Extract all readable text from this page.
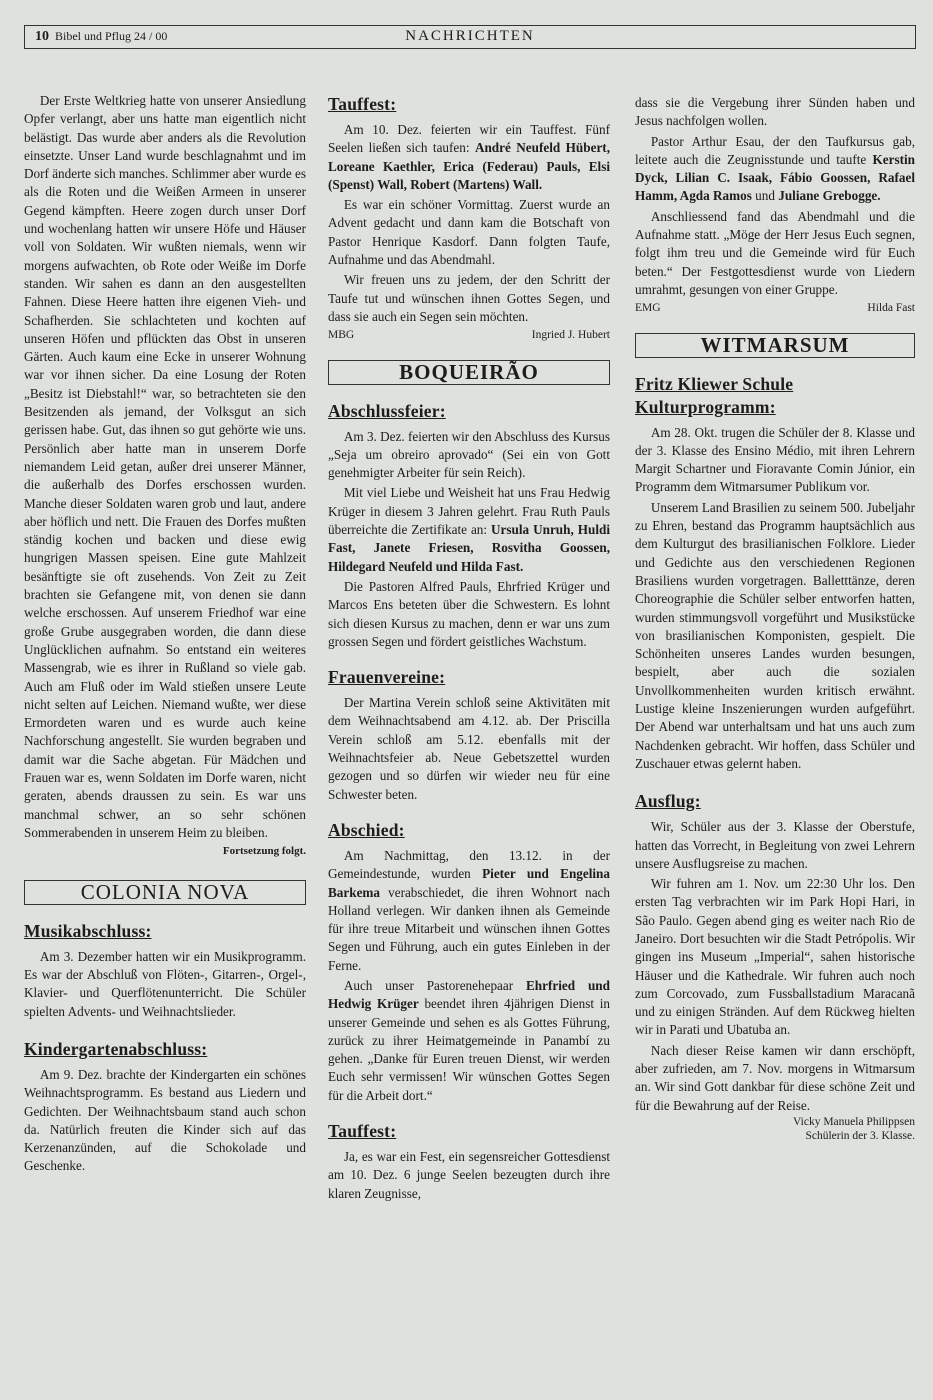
10 Bibel und Pflug 24 / 00	NACHRICHTEN

Der Erste Weltkrieg hatte von unserer Ansiedlung Opfer verlangt, aber uns hatte man eigentlich nicht belästigt. Das wurde aber anders als die Revolution einsetzte. Unser Land wurde beschlagnahmt und im Dorf änderte sich manches. Schlimmer aber wurde es als die Roten und die Weißen Armeen in unserer Gegend kämpften. Heere zogen durch unser Dorf und wochenlang hatten wir unsere Höfe und Häuser voll von Soldaten. Wir wußten niemals, wenn wir morgens aufwachten, ob Rote oder Weiße im Dorfe standen. Wir sahen es dann an den ausgestellten Fahnen. Diese Heere hatten ihre eigenen Vieh- und Schafherden. Sie schlachteten und kochten auf unseren Höfen und pflückten das Obst in unseren Gärten. Auch kaum eine Ecke in unserer Wohnung war vor ihnen sicher. Da eine Losung der Roten „Besitz ist Diebstahl!“ war, so betrachteten sie den Besitzenden als jemand, der Volksgut an sich gerissen habe. Gut, das ihnen so gut gehörte wie uns. Persönlich aber hatte man in unserem Dorfe niemandem Leid getan, außer drei unserer Männer, die außerhalb des Dorfes erschossen wurden. Manche dieser Soldaten waren grob und laut, andere aber höflich und nett. Die Frauen des Dorfes mußten ständig kochen und backen und diese ewig hungrigen Massen speisen. Eine gute Mahlzeit besänftigte sie oft zusehends. Von Zeit zu Zeit brachten sie Gefangene mit, von denen sie dann welche erschossen. Auf unserem Friedhof war eine große Grube ausgegraben worden, die dann diese Unglücklichen aufnahm. So entstand ein weiteres Massengrab, wie es ihrer in Rußland so viele gab. Auch am Fluß oder im Wald stießen unsere Leute nicht selten auf Leichen. Niemand wußte, wer diese Ermordeten waren und es wurde auch keine Nachforschung angestellt. Sie wurden begraben und damit war die Sache abgetan. Für Mädchen und Frauen war es, wenn Soldaten im Dorfe waren, nicht geraten, abends draussen zu sein. Es war uns manchmal schwer, an so sehr schönen Sommerabenden in unserem Heim zu bleiben.
Fortsetzung folgt.

COLONIA NOVA
Musikabschluss:

Am 3. Dezember hatten wir ein Musikprogramm. Es war der Abschluß von Flöten-, Gitarren-, Orgel-, Klavier- und Querflötenunterricht. Die Schüler spielten Advents- und Weihnachtslieder.

Kindergartenabschluss:

Am 9. Dez. brachte der Kindergarten ein schönes Weihnachtsprogramm. Es bestand aus Liedern und Gedichten. Der Weihnachtsbaum stand auch schon da. Natürlich freuten die Kinder sich auf das Kerzenanzünden, auf die Schokolade und Geschenke.

Tauffest:

Am 10. Dez. feierten wir ein Tauffest. Fünf Seelen ließen sich taufen: André Neufeld Hübert, Loreane Kaethler, Erica (Federau) Pauls, Elsi (Spenst) Wall, Robert (Martens) Wall.

Es war ein schöner Vormittag. Zuerst wurde an Advent gedacht und dann kam die Botschaft von Pastor Henrique Kasdorf. Dann folgten Taufe, Aufnahme und das Abendmahl.

Wir freuen uns zu jedem, der den Schritt der Taufe tut und wünschen ihnen Gottes Segen, und dass sie auch ein Segen sein möchten.

MBG	Ingried J. Hubert
BOQUEIRÃO
Abschlussfeier:

Am 3. Dez. feierten wir den Abschluss des Kursus „Seja um obreiro aprovado“ (Sei ein von Gott genehmigter Arbeiter für sein Reich).

Mit viel Liebe und Weisheit hat uns Frau Hedwig Krüger in diesem 3 Jahren gelehrt. Frau Ruth Pauls überreichte die Zertifikate an: Ursula Unruh, Huldi Fast, Janete Friesen, Rosvitha Goossen, Hildegard Neufeld und Hilda Fast.

Die Pastoren Alfred Pauls, Ehrfried Krüger und Marcos Ens beteten über die Schwestern. Es lohnt sich diesen Kursus zu machen, denn er war uns zum grossen Segen und fördert geistliches Wachstum.

Frauenvereine:

Der Martina Verein schloß seine Aktivitäten mit dem Weihnachtsabend am 4.12. ab. Der Priscilla Verein schloß am 5.12. ebenfalls mit der Weihnachtsfeier ab. Neue Gebetszettel wurden gezogen und so dürfen wir wieder neu für eine Schwester beten.

Abschied:

Am Nachmittag, den 13.12. in der Gemeindestunde, wurden Pieter und Engelina Barkema verabschiedet, die ihren Wohnort nach Holland verlegen. Wir danken ihnen als Gemeinde für ihre treue Mitarbeit und wünschen ihnen Gottes Segen und Führung, auch ein gutes Einleben in der Ferne.

Auch unser Pastorenehepaar Ehrfried und Hedwig Krüger beendet ihren 4jährigen Dienst in unserer Gemeinde und sehen es als Gottes Führung, zurück zu ihrer Heimatgemeinde in Panambí zu gehen. „Danke für Euren treuen Dienst, wir werden Euch sehr vermissen! Wir wünschen Gottes Segen für die Arbeit dort.“

Tauffest:

Ja, es war ein Fest, ein segensreicher Gottesdienst am 10. Dez. 6 junge Seelen bezeugten durch ihre klaren Zeugnisse,

dass sie die Vergebung ihrer Sünden haben und Jesus nachfolgen wollen.

Pastor Arthur Esau, der den Taufkursus gab, leitete auch die Zeugnisstunde und taufte Kerstin Dyck, Lilian C. Isaak, Fábio Goossen, Rafael Hamm, Agda Ramos und Juliane Grebogge.

Anschliessend fand das Abendmahl und die Aufnahme statt. „Möge der Herr Jesus Euch segnen, folgt ihm treu und die Gemeinde wird für Euch beten.“ Der Festgottesdienst wurde von Liedern umrahmt, gesungen von einer Gruppe.

EMG	Hilda Fast
WITMARSUM
Fritz Kliewer Schule
Kulturprogramm:

Am 28. Okt. trugen die Schüler der 8. Klasse und der 3. Klasse des Ensino Médio, mit ihren Lehrern Margit Schartner und Fioravante Comin Júnior, ein Programm dem Witmarsumer Publikum vor.

Unserem Land Brasilien zu seinem 500. Jubeljahr zu Ehren, bestand das Programm hauptsächlich aus dem Kulturgut des brasilianischen Folklore. Lieder und Gedichte aus den verschiedenen Regionen Brasiliens wurden vorgetragen. Balletttänze, deren Choreographie die Schüler selber entworfen hatten, wurden stimmungsvoll vorgeführt und Musikstücke von brasilianischen Komponisten, gespielt. Die Schönheiten unseres Landes wurden besungen, bespielt, aber auch die sozialen Unvollkommenheiten wurden kritisch erwähnt. Lustige kleine Inszenierungen wurden aufgeführt. Der Abend war unterhaltsam und hat uns auch zum Nachdenken gebracht. Wir hoffen, dass Schüler und Zuschauer etwas gelernt haben.

Ausflug:

Wir, Schüler aus der 3. Klasse der Oberstufe, hatten das Vorrecht, in Begleitung von zwei Lehrern unsere Ausflugsreise zu machen.

Wir fuhren am 1. Nov. um 22:30 Uhr los. Den ersten Tag verbrachten wir im Park Hopi Hari, in São Paulo. Gegen abend ging es weiter nach Rio de Janeiro. Dort besuchten wir die Stadt Petrópolis. Wir gingen ins Museum „Imperial“, sahen historische Häuser und die Kathedrale. Wir fuhren auch noch zum Corcovado, zum Fussballstadium Maracanã und zu einigen Stränden. Auf dem Rückweg hielten wir in Parati und Ubatuba an.

Nach dieser Reise kamen wir dann erschöpft, aber zufrieden, am 7. Nov. morgens in Witmarsum an. Wir sind Gott dankbar für diese schöne Zeit und für die Bewahrung auf der Reise.

Vicky Manuela Philippsen
Schülerin der 3. Klasse.
